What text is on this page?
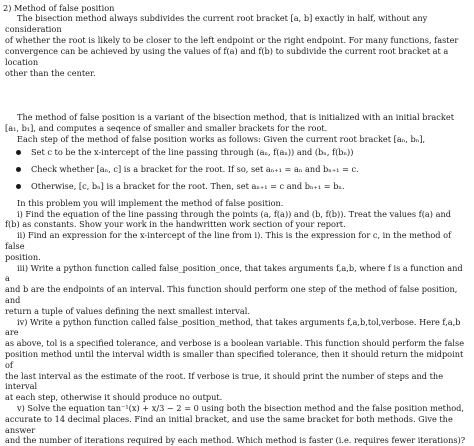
2) Method of false position
The bisection method always subdivides the current root bracket [a, b] exactly in half, without any consideration
of whether the root is likely to be closer to the left endpoint or the right endpoint. For many functions, faster
convergence can be achieved by using the values of f(a) and f(b) to subdivide the current root bracket at a location
other than the center.

The method of false position is a variant of the bisection method, that is initialized with an initial bracket

[a₁, b₁], and computes a seqence of smaller and smaller brackets for the root.

Each step of the method of false position works as follows: Given the current root bracket [aₙ, bₙ],

Set c to be the x-intercept of the line passing through (aₙ, f(aₙ)) and (bₙ, f(bₙ))
Check whether [aₙ, c] is a bracket for the root. If so, set aₙ₊₁ = aₙ and bₙ₊₁ = c.
Otherwise, [c, bₙ] is a bracket for the root. Then, set aₙ₊₁ = c and bₙ₊₁ = bₙ.

In this problem you will implement the method of false position.

i) Find the equation of the line passing through the points (a, f(a)) and (b, f(b)). Treat the values f(a) and

f(b) as constants. Show your work in the handwritten work section of your report.

ii) Find an expression for the x-intercept of the line from i). This is the expression for c, in the method of false

position.

iii) Write a python function called false_position_once, that takes arguments f,a,b, where f is a function and a

and b are the endpoints of an interval. This function should perform one step of the method of false position, and

return a tuple of values defining the next smallest interval.

iv) Write a python function called false_position_method, that takes arguments f,a,b,tol,verbose. Here f,a,b are

as above, tol is a specified tolerance, and verbose is a boolean variable. This function should perform the false

position method until the interval width is smaller than specified tolerance, then it should return the midpoint of

the last interval as the estimate of the root. If verbose is true, it should print the number of steps and the interval

at each step, otherwise it should produce no output.

v) Solve the equation tan⁻¹(x) + x/3 − 2 = 0 using both the bisection method and the false position method,

accurate to 14 decimal places. Find an initial bracket, and use the same bracket for both methods. Give the answer

and the number of iterations required by each method. Which method is faster (i.e. requires fewer iterations)?
